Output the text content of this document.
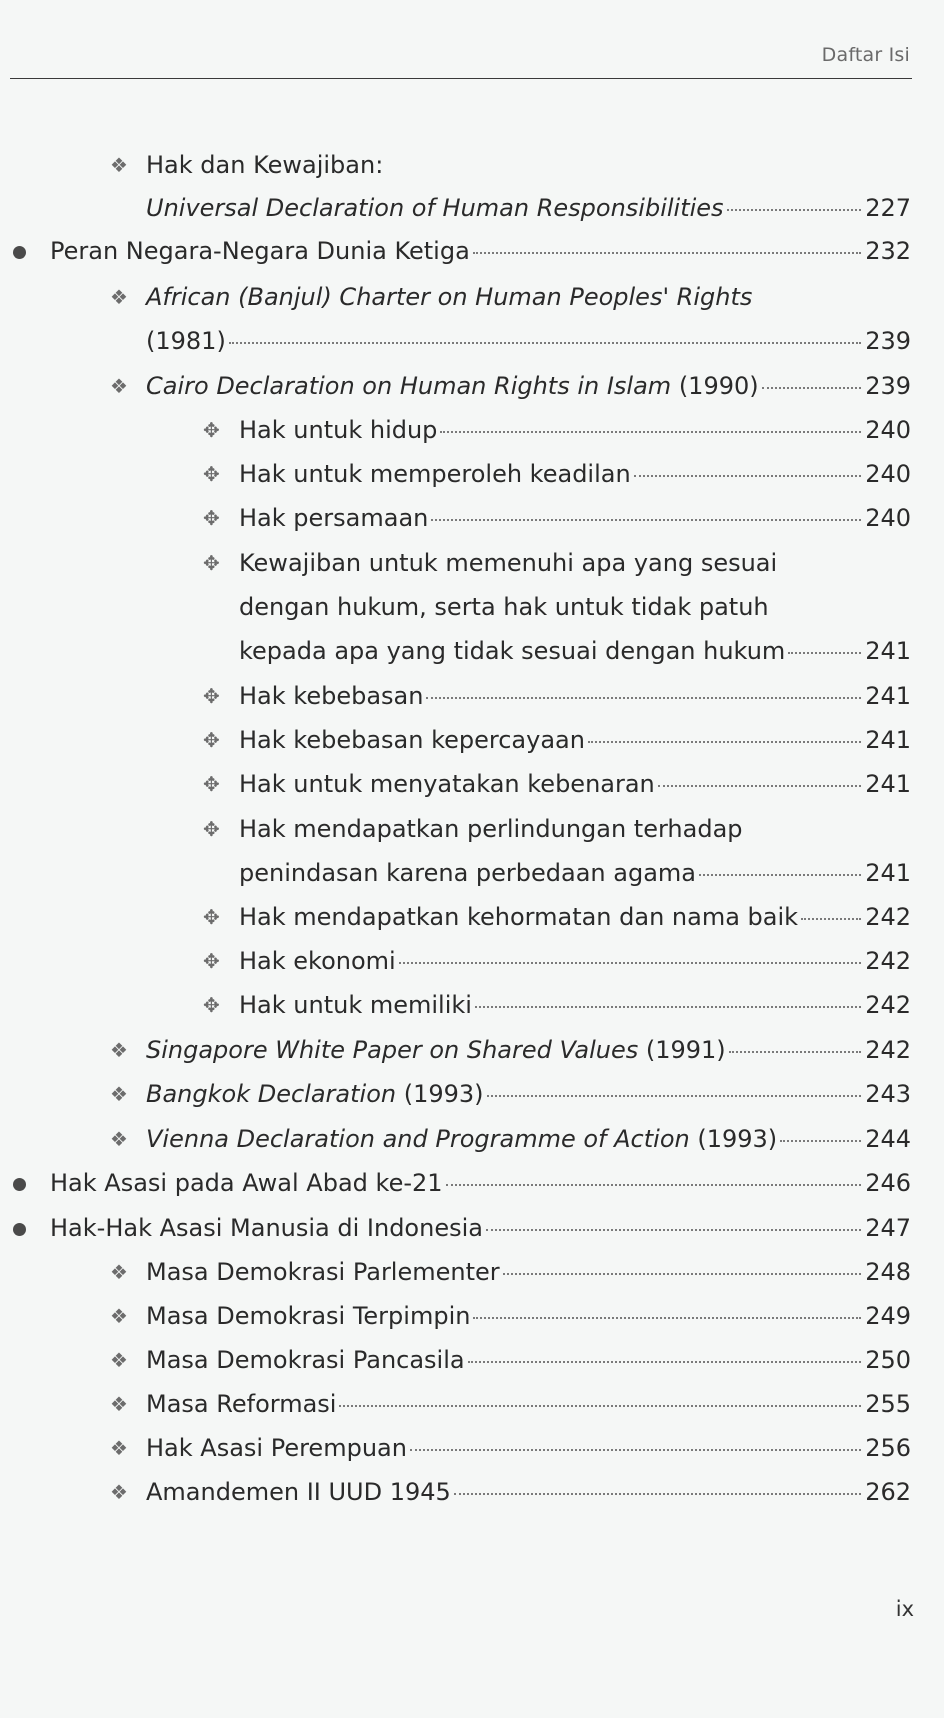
Daftar Isi
❖ Hak dan Kewajiban:
Universal Declaration of Human Responsibilities	227
Peran Negara-Negara Dunia Ketiga	232
❖ African (Banjul) Charter on Human Peoples' Rights
(1981)	239
❖ Cairo Declaration on Human Rights in Islam (1990)	239
✥ Hak untuk hidup	240
✥ Hak untuk memperoleh keadilan	240
✥ Hak persamaan	240
✥ Kewajiban untuk memenuhi apa yang sesuai
dengan hukum, serta hak untuk tidak patuh
kepada apa yang tidak sesuai dengan hukum	241
✥ Hak kebebasan	241
✥ Hak kebebasan kepercayaan	241
✥ Hak untuk menyatakan kebenaran	241
✥ Hak mendapatkan perlindungan terhadap
penindasan karena perbedaan agama	241
✥ Hak mendapatkan kehormatan dan nama baik	242
✥ Hak ekonomi	242
✥ Hak untuk memiliki	242
❖ Singapore White Paper on Shared Values (1991)	242
❖ Bangkok Declaration (1993)	243
❖ Vienna Declaration and Programme of Action (1993)	244
Hak Asasi pada Awal Abad ke-21	246
Hak-Hak Asasi Manusia di Indonesia	247
❖ Masa Demokrasi Parlementer	248
❖ Masa Demokrasi Terpimpin	249
❖ Masa Demokrasi Pancasila	250
❖ Masa Reformasi	255
❖ Hak Asasi Perempuan	256
❖ Amandemen II UUD 1945	262
ix
